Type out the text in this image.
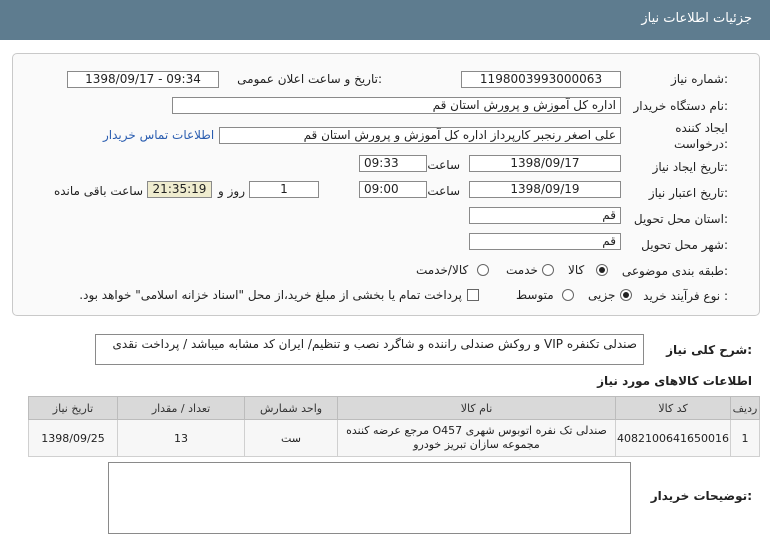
جزئیات اطلاعات نیاز
شماره نیاز:
1198003993000063
تاریخ و ساعت اعلان عمومی:
1398/09/17 - 09:34
نام دستگاه خریدار:
اداره کل آموزش و پرورش استان قم
ایجاد کننده
درخواست:
علی اصغر رنجبر کارپرداز اداره کل آموزش و پرورش استان قم
اطلاعات تماس خریدار
تاریخ ایجاد نیاز:
1398/09/17
ساعت
09:33
تاریخ اعتبار نیاز:
1398/09/19
ساعت
09:00
1
روز و
21:35:19
ساعت باقی مانده
استان محل تحویل:
قم
شهر محل تحویل:
قم
طبقه بندی موضوعی:
کالا
خدمت
کالا/خدمت
نوع فرآیند خرید :
جزیی
متوسط
پرداخت تمام یا بخشی از مبلغ خرید،از محل "اسناد خزانه اسلامی" خواهد بود.
شرح کلی نیاز:
صندلی تکنفره VIP و روکش صندلی راننده و شاگرد نصب و تنظیم/ ایران کد مشابه میباشد / پرداخت نقدی
اطلاعات کالاهای مورد نیاز
ردیف	کد کالا	نام کالا	واحد شمارش	تعداد / مقدار	تاریخ نیاز
1	4082100641650016	صندلی تک نفره اتوبوس شهری O457 مرجع عرضه کننده مجموعه سازان تبریز خودرو	ست	13	1398/09/25
توضیحات خریدار:
